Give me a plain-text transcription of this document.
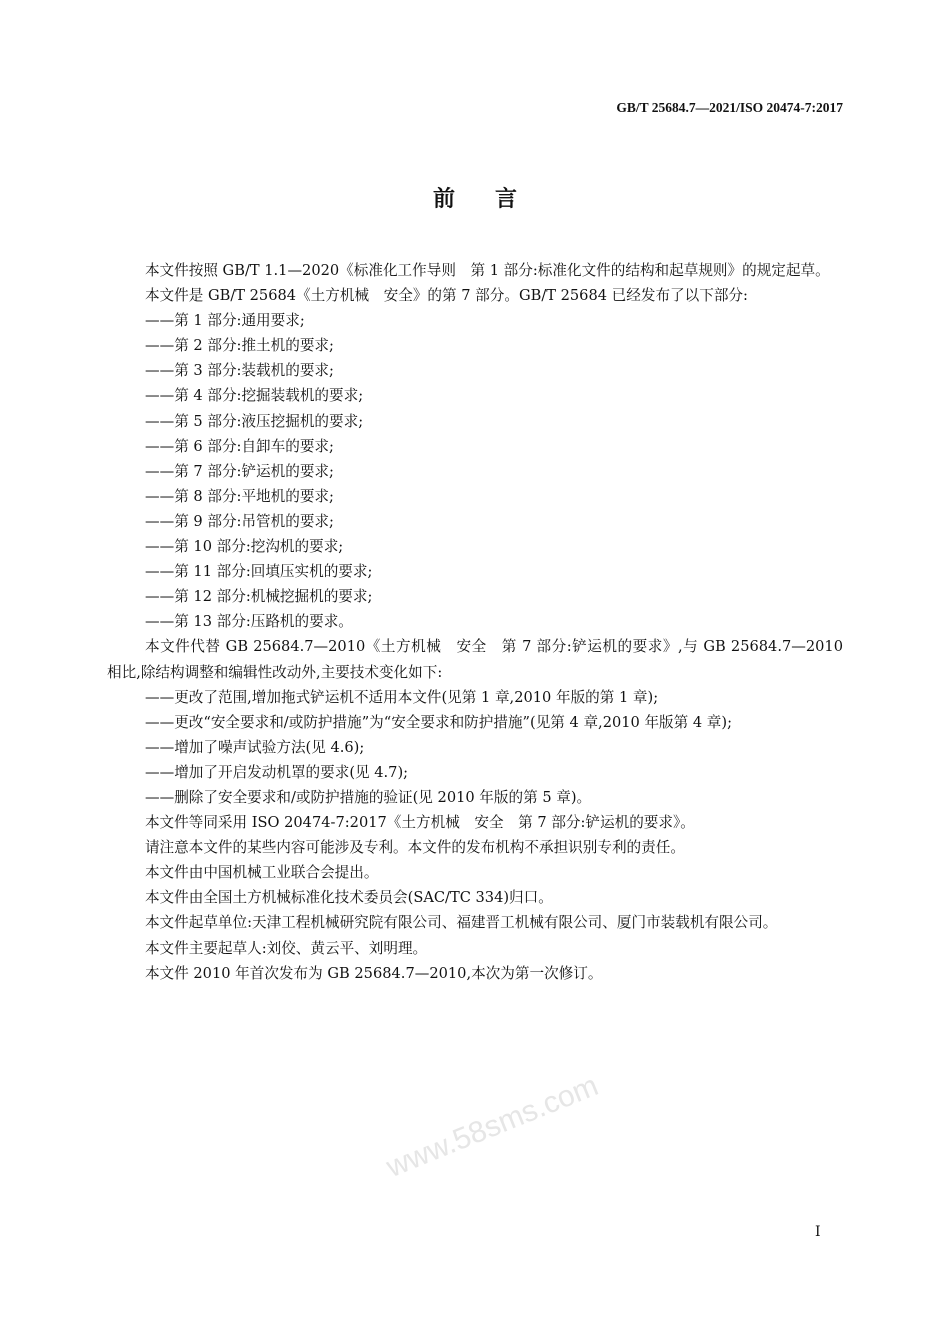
www.58sms.com
GB/T 25684.7—2021/ISO 20474-7:2017
前言

本文件按照 GB/T 1.1—2020《标准化工作导则　第 1 部分:标准化文件的结构和起草规则》的规定起草。

本文件是 GB/T 25684《土方机械　安全》的第 7 部分。GB/T 25684 已经发布了以下部分:

——第 1 部分:通用要求;

——第 2 部分:推土机的要求;

——第 3 部分:装载机的要求;

——第 4 部分:挖掘装载机的要求;

——第 5 部分:液压挖掘机的要求;

——第 6 部分:自卸车的要求;

——第 7 部分:铲运机的要求;

——第 8 部分:平地机的要求;

——第 9 部分:吊管机的要求;

——第 10 部分:挖沟机的要求;

——第 11 部分:回填压实机的要求;

——第 12 部分:机械挖掘机的要求;

——第 13 部分:压路机的要求。

本文件代替 GB 25684.7—2010《土方机械　安全　第 7 部分:铲运机的要求》,与 GB 25684.7—2010 相比,除结构调整和编辑性改动外,主要技术变化如下:

——更改了范围,增加拖式铲运机不适用本文件(见第 1 章,2010 年版的第 1 章);

——更改“安全要求和/或防护措施”为“安全要求和防护措施”(见第 4 章,2010 年版第 4 章);

——增加了噪声试验方法(见 4.6);

——增加了开启发动机罩的要求(见 4.7);

——删除了安全要求和/或防护措施的验证(见 2010 年版的第 5 章)。

本文件等同采用 ISO 20474-7:2017《土方机械　安全　第 7 部分:铲运机的要求》。

请注意本文件的某些内容可能涉及专利。本文件的发布机构不承担识别专利的责任。

本文件由中国机械工业联合会提出。

本文件由全国土方机械标准化技术委员会(SAC/TC 334)归口。

本文件起草单位:天津工程机械研究院有限公司、福建晋工机械有限公司、厦门市装载机有限公司。

本文件主要起草人:刘佼、黄云平、刘明理。

本文件 2010 年首次发布为 GB 25684.7—2010,本次为第一次修订。

I
